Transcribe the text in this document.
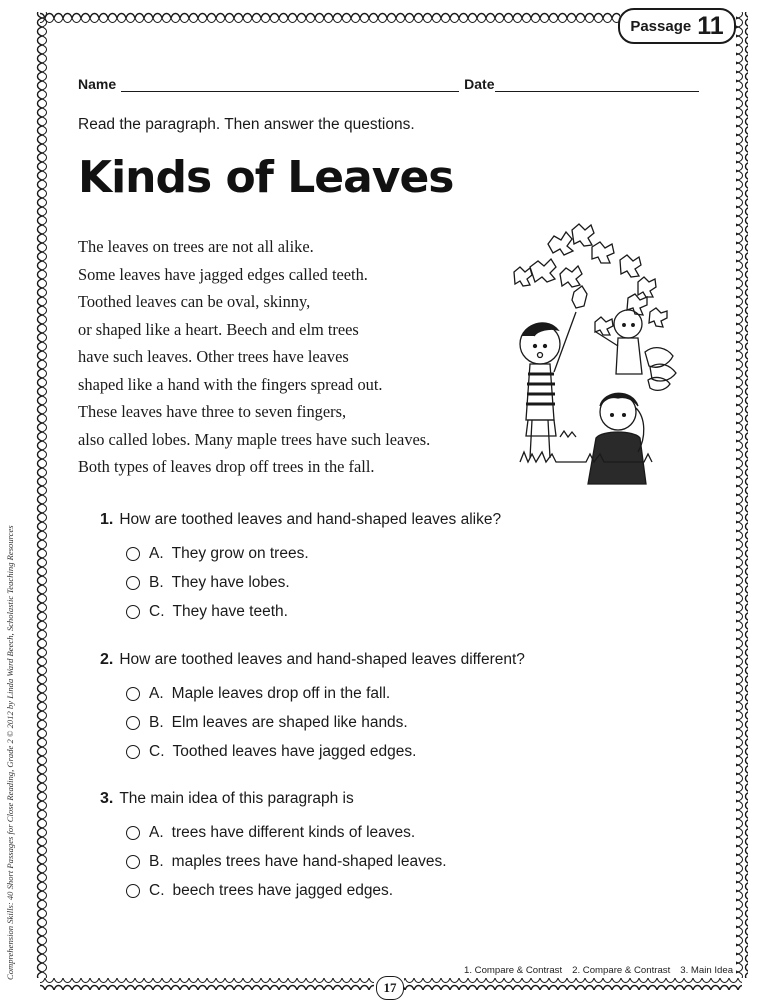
Comprehension Skills: 40 Short Passages for Close Reading, Grade 2 © 2012 by Linda Ward Beech, Scholastic Teaching Resources
Passage 11
Name	Date
Read the paragraph. Then answer the questions.
Kinds of Leaves
The leaves on trees are not all alike.
Some leaves have jagged edges called teeth.
Toothed leaves can be oval, skinny,
or shaped like a heart. Beech and elm trees
have such leaves. Other trees have leaves
shaped like a hand with the fingers spread out.
These leaves have three to seven fingers,
also called lobes. Many maple trees have such leaves.
Both types of leaves drop off trees in the fall.
1. How are toothed leaves and hand-shaped leaves alike?
A. They grow on trees.
B. They have lobes.
C. They have teeth.
2. How are toothed leaves and hand-shaped leaves different?
A. Maple leaves drop off in the fall.
B. Elm leaves are shaped like hands.
C. Toothed leaves have jagged edges.
3. The main idea of this paragraph is
A. trees have different kinds of leaves.
B. maples trees have hand-shaped leaves.
C. beech trees have jagged edges.
1. Compare & Contrast 2. Compare & Contrast 3. Main Idea
17
